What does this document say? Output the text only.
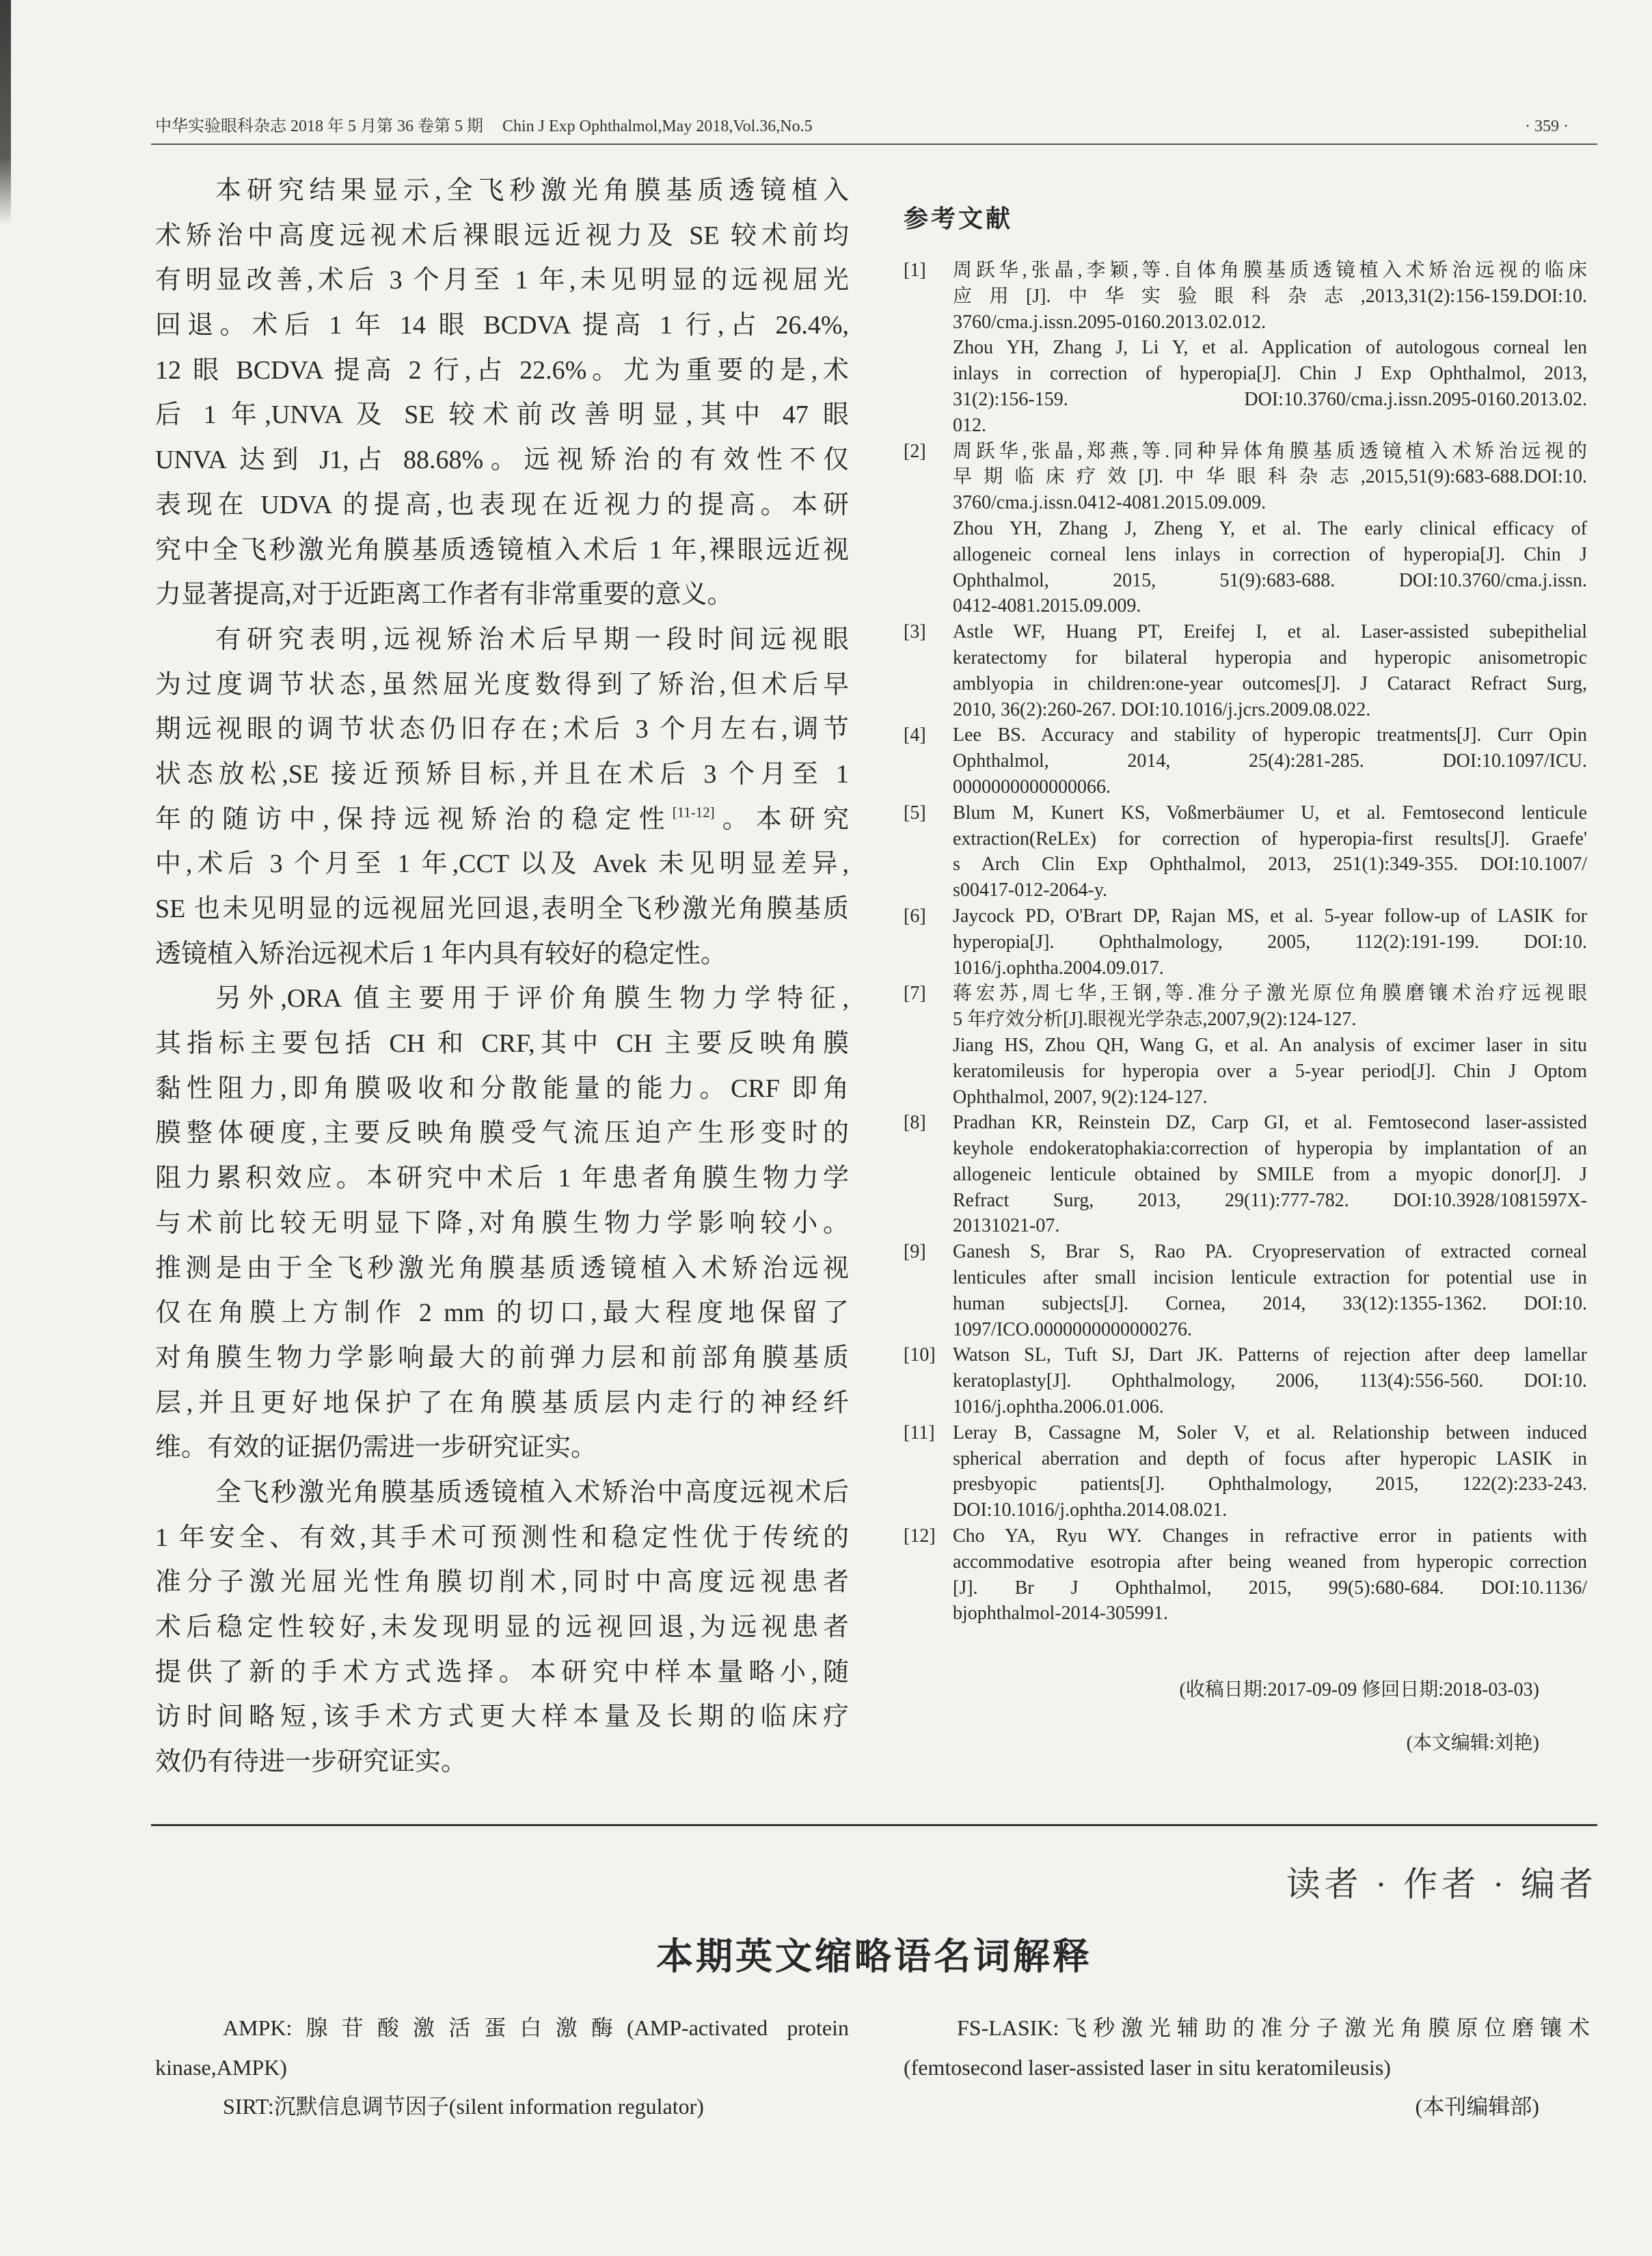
中华实验眼科杂志 2018 年 5 月第 36 卷第 5 期 Chin J Exp Ophthalmol,May 2018,Vol.36,No.5	· 359 ·
本研究结果显示,全飞秒激光角膜基质透镜植入
术矫治中高度远视术后裸眼远近视力及 SE 较术前均
有明显改善,术后 3 个月至 1 年,未见明显的远视屈光
回退。术后 1 年 14 眼 BCDVA 提高 1 行,占 26.4%,
12 眼 BCDVA 提高 2 行,占 22.6%。尤为重要的是,术
后 1 年,UNVA 及 SE 较术前改善明显,其中 47 眼
UNVA 达到 J1,占 88.68%。远视矫治的有效性不仅
表现在 UDVA 的提高,也表现在近视力的提高。本研
究中全飞秒激光角膜基质透镜植入术后 1 年,裸眼远近视
力显著提高,对于近距离工作者有非常重要的意义。
有研究表明,远视矫治术后早期一段时间远视眼
为过度调节状态,虽然屈光度数得到了矫治,但术后早
期远视眼的调节状态仍旧存在;术后 3 个月左右,调节
状态放松,SE 接近预矫目标,并且在术后 3 个月至 1
年的随访中,保持远视矫治的稳定性[11-12]。本研究
中,术后 3 个月至 1 年,CCT 以及 Avek 未见明显差异,
SE 也未见明显的远视屈光回退,表明全飞秒激光角膜基质
透镜植入矫治远视术后 1 年内具有较好的稳定性。
另外,ORA 值主要用于评价角膜生物力学特征,
其指标主要包括 CH 和 CRF,其中 CH 主要反映角膜
黏性阻力,即角膜吸收和分散能量的能力。CRF 即角
膜整体硬度,主要反映角膜受气流压迫产生形变时的
阻力累积效应。本研究中术后 1 年患者角膜生物力学
与术前比较无明显下降,对角膜生物力学影响较小。
推测是由于全飞秒激光角膜基质透镜植入术矫治远视
仅在角膜上方制作 2 mm 的切口,最大程度地保留了
对角膜生物力学影响最大的前弹力层和前部角膜基质
层,并且更好地保护了在角膜基质层内走行的神经纤
维。有效的证据仍需进一步研究证实。
全飞秒激光角膜基质透镜植入术矫治中高度远视术后
1 年安全、有效,其手术可预测性和稳定性优于传统的
准分子激光屈光性角膜切削术,同时中高度远视患者
术后稳定性较好,未发现明显的远视回退,为远视患者
提供了新的手术方式选择。本研究中样本量略小,随
访时间略短,该手术方式更大样本量及长期的临床疗
效仍有待进一步研究证实。
参考文献
[1] 周跃华,张晶,李颖,等.自体角膜基质透镜植入术矫治远视的临床
应用[J].中华实验眼科杂志,2013,31(2):156-159.DOI:10.
3760/cma.j.issn.2095-0160.2013.02.012.
Zhou YH, Zhang J, Li Y, et al. Application of autologous corneal len
inlays in correction of hyperopia[J]. Chin J Exp Ophthalmol, 2013,
31(2):156-159. DOI:10.3760/cma.j.issn.2095-0160.2013.02.
012.
[2] 周跃华,张晶,郑燕,等.同种异体角膜基质透镜植入术矫治远视的
早期临床疗效[J].中华眼科杂志,2015,51(9):683-688.DOI:10.
3760/cma.j.issn.0412-4081.2015.09.009.
Zhou YH, Zhang J, Zheng Y, et al. The early clinical efficacy of
allogeneic corneal lens inlays in correction of hyperopia[J]. Chin J
Ophthalmol, 2015, 51(9):683-688. DOI:10.3760/cma.j.issn.
0412-4081.2015.09.009.
[3] Astle WF, Huang PT, Ereifej I, et al. Laser-assisted subepithelial
keratectomy for bilateral hyperopia and hyperopic anisometropic
amblyopia in children:one-year outcomes[J]. J Cataract Refract Surg,
2010, 36(2):260-267. DOI:10.1016/j.jcrs.2009.08.022.
[4] Lee BS. Accuracy and stability of hyperopic treatments[J]. Curr Opin
Ophthalmol, 2014, 25(4):281-285. DOI:10.1097/ICU.
0000000000000066.
[5] Blum M, Kunert KS, Voßmerbäumer U, et al. Femtosecond lenticule
extraction(ReLEx) for correction of hyperopia-first results[J]. Graefe'
s Arch Clin Exp Ophthalmol, 2013, 251(1):349-355. DOI:10.1007/
s00417-012-2064-y.
[6] Jaycock PD, O'Brart DP, Rajan MS, et al. 5-year follow-up of LASIK for
hyperopia[J]. Ophthalmology, 2005, 112(2):191-199. DOI:10.
1016/j.ophtha.2004.09.017.
[7] 蒋宏苏,周七华,王钢,等.准分子激光原位角膜磨镶术治疗远视眼
5 年疗效分析[J].眼视光学杂志,2007,9(2):124-127.
Jiang HS, Zhou QH, Wang G, et al. An analysis of excimer laser in situ
keratomileusis for hyperopia over a 5-year period[J]. Chin J Optom
Ophthalmol, 2007, 9(2):124-127.
[8] Pradhan KR, Reinstein DZ, Carp GI, et al. Femtosecond laser-assisted
keyhole endokeratophakia:correction of hyperopia by implantation of an
allogeneic lenticule obtained by SMILE from a myopic donor[J]. J
Refract Surg, 2013, 29(11):777-782. DOI:10.3928/1081597X-
20131021-07.
[9] Ganesh S, Brar S, Rao PA. Cryopreservation of extracted corneal
lenticules after small incision lenticule extraction for potential use in
human subjects[J]. Cornea, 2014, 33(12):1355-1362. DOI:10.
1097/ICO.0000000000000276.
[10] Watson SL, Tuft SJ, Dart JK. Patterns of rejection after deep lamellar
keratoplasty[J]. Ophthalmology, 2006, 113(4):556-560. DOI:10.
1016/j.ophtha.2006.01.006.
[11] Leray B, Cassagne M, Soler V, et al. Relationship between induced
spherical aberration and depth of focus after hyperopic LASIK in
presbyopic patients[J]. Ophthalmology, 2015, 122(2):233-243.
DOI:10.1016/j.ophtha.2014.08.021.
[12] Cho YA, Ryu WY. Changes in refractive error in patients with
accommodative esotropia after being weaned from hyperopic correction
[J]. Br J Ophthalmol, 2015, 99(5):680-684. DOI:10.1136/
bjophthalmol-2014-305991.
(收稿日期:2017-09-09 修回日期:2018-03-03)
(本文编辑:刘艳)
读者 · 作者 · 编者
本期英文缩略语名词解释
AMPK:腺苷酸激活蛋白激酶(AMP-activated protein
kinase,AMPK)
SIRT:沉默信息调节因子(silent information regulator)
FS-LASIK:飞秒激光辅助的准分子激光角膜原位磨镶术
(femtosecond laser-assisted laser in situ keratomileusis)
(本刊编辑部)
